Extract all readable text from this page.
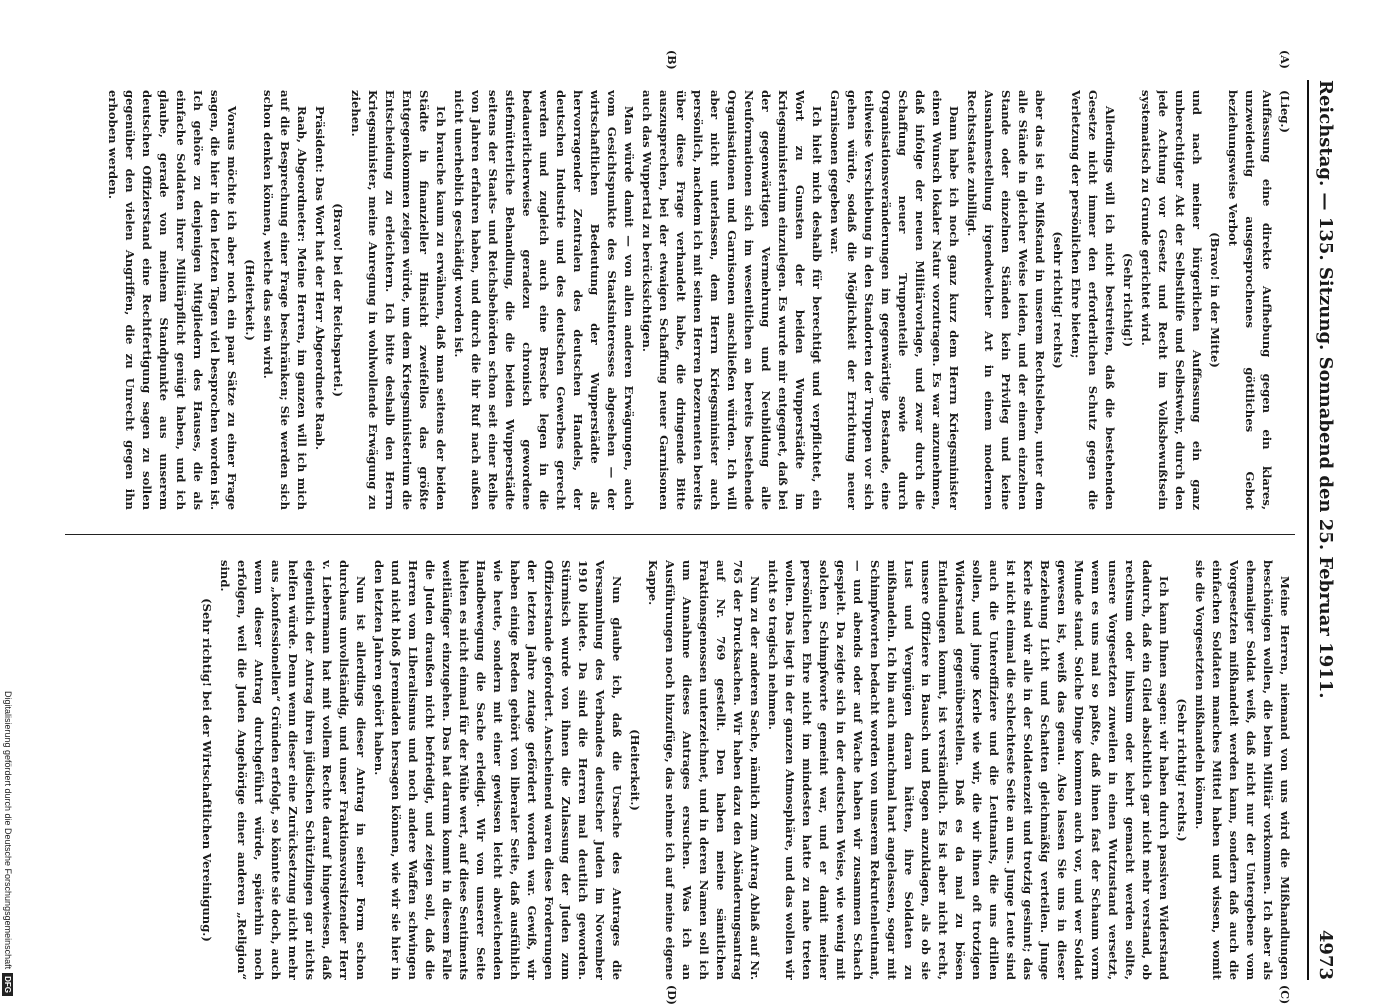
Reichstag. — 135. Sitzung. Sonnabend den 25. Februar 1911.
4973
(A)
(B)
(C)
(D)

(Lieg.)

Auffassung eine direkte Aufhebung gegen ein klares, unzweideutig ausgesprochenes göttliches Gebot beziehungsweise Verbot

(Bravo! in der Mitte)

und nach meiner bürgerlichen Auffassung ein ganz unberechtigter Akt der Selbsthilfe und Selbstwehr, durch den jede Achtung vor Gesetz und Recht im Volksbewußtsein systematisch zu Grunde gerichtet wird.

(Sehr richtig!)

Allerdings will ich nicht bestreiten, daß die bestehenden Gesetze nicht immer den erforderlichen Schutz gegen die Verletzung der persönlichen Ehre bieten;

(sehr richtig! rechts)

aber das ist ein Mißstand in unserem Rechtsleben, unter dem alle Stände in gleicher Weise leiden, und der einem einzelnen Stande oder einzelnen Ständen kein Privileg und keine Ausnahmestellung irgendwelcher Art in einem modernen Rechtsstaate zubilligt.

Dann habe ich noch ganz kurz dem Herrn Kriegsminister einen Wunsch lokaler Natur vorzutragen. Es war anzunehmen, daß infolge der neuen Militärvorlage, und zwar durch die Schaffung neuer Truppenteile sowie durch Organisationsveränderungen im gegenwärtige Bestande, eine teilweise Verschiebung in den Standorten der Truppen vor sich gehen würde, sodaß die Möglichkeit der Errichtung neuer Garnisonen gegeben war.

Ich hielt mich deshalb für berechtigt und verpflichtet, ein Wort zu Gunsten der beiden Wupperstädte im Kriegsministerium einzulegen. Es wurde mir entgegnet, daß bei der gegenwärtigen Vermehrung und Neubildung alle Neuformationen sich im wesentlichen an bereits bestehende Organisationen und Garnisonen anschließen würden. Ich will aber nicht unterlassen, dem Herrn Kriegsminister auch persönlich, nachdem ich mit seinen Herren Dezernenten bereits über diese Frage verhandelt habe, die dringende Bitte auszusprechen, bei der etwaigen Schaffung neuer Garnisonen auch das Wuppertal zu berücksichtigen.

Man würde damit — von allen anderen Erwägungen, auch vom Gesichtspunkte des Staatsinteresses abgesehen — der wirtschaftlichen Bedeutung der Wupperstädte als hervorragender Zentralen des deutschen Handels, der deutschen Industrie und des deutschen Gewerbes gerecht werden und zugleich auch eine Bresche legen in die bedauerlicherweise geradezu chronisch gewordene stiefmütterliche Behandlung, die die beiden Wupperstädte seitens der Staats- und Reichsbehörden schon seit einer Reihe von Jahren erfahren haben, und durch die ihr Ruf nach außen nicht unerheblich geschädigt worden ist.

Ich brauche kaum zu erwähnen, daß man seitens der beiden Städte in finanzieller Hinsicht zweifellos das größte Entgegenkommen zeigen würde, um dem Kriegsministerium die Entscheidung zu erleichtern. Ich bitte deshalb den Herrn Kriegsminister, meine Anregung in wohlwollende Erwägung zu ziehen.

(Bravo! bei der Reichspartei.)

Präsident: Das Wort hat der Herr Abgeordnete Raab.

Raab, Abgeordneter: Meine Herren, im ganzen will ich mich auf die Besprechung einer Frage beschränken; Sie werden sich schon denken können, welche das sein wird.

(Heiterkeit.)

Voraus möchte ich aber noch ein paar Sätze zu einer Frage sagen, die hier in den letzten Tagen viel besprochen worden ist. Ich gehöre zu denjenigen Mitgliedern des Hauses, die als einfache Soldaten ihrer Militärpflicht genügt haben, und ich glaube, gerade von meinem Standpunkte aus unserem deutschen Offizierstand eine Rechtfertigung sagen zu sollen gegenüber den vielen Angriffen, die zu Unrecht gegen ihn erhoben werden.

Meine Herren, niemand von uns wird die Mißhandlungen beschönigen wollen, die beim Militär vorkommen. Ich aber als ehemaliger Soldat weiß, daß nicht nur der Untergebene vom Vorgesetzten mißhandelt werden kann, sondern daß auch die einfachen Soldaten manches Mittel haben und wissen, womit sie die Vorgesetzten mißhandeln können.

(Sehr richtig! rechts.)

Ich kann Ihnen sagen: wir haben durch passiven Widerstand dadurch, daß ein Glied absichtlich gar nicht mehr verstand, ob rechtsum oder linksum oder kehrt gemacht werden sollte, unsere Vorgesetzten zuweilen in einen Wutzustand versetzt, wenn es uns mal so paßte, daß ihnen fast der Schaum vorm Munde stand. Solche Dinge kommen auch vor, und wer Soldat gewesen ist, weiß das genau. Also lassen Sie uns in dieser Beziehung Licht und Schatten gleichmäßig verteilen. Junge Kerle sind wir alle in der Soldatenzeit und trotzig gesinnt; das ist nicht einmal die schlechteste Seite an uns. Junge Leute sind auch die Unteroffiziere und die Leutnants, die uns drillen sollen, und junge Kerle wie wir, die wir ihnen oft trotzigen Widerstand gegenüberstellen. Daß es da mal zu bösen Entladungen kommt, ist verständlich. Es ist aber nicht recht, unsere Offiziere in Bausch und Bogen anzuklagen, als ob sie Lust und Vergnügen daran hätten, ihre Soldaten zu mißhandeln. Ich bin auch manchmal hart angelassen, sogar mit Schimpfworten bedacht worden von unserem Rekrutenleutnant, — und abends oder auf Wache haben wir zusammen Schach gespielt. Da zeigte sich in der deutschen Weise, wie wenig mit solchen Schimpfworte gemeint war, und er damit meiner persönlichen Ehre nicht im mindesten hatte zu nahe treten wollen. Das liegt in der ganzen Atmosphäre, und das wollen wir nicht so tragisch nehmen.

Nun zu der anderen Sache, nämlich zum Antrag Ablaß auf Nr. 765 der Drucksachen. Wir haben dazu den Abänderungsantrag auf Nr. 769 gestellt. Den haben meine sämtlichen Fraktionsgenossen unterzeichnet, und in deren Namen soll ich um Annahme dieses Antrages ersuchen. Was ich an Ausführungen noch hinzufüge, das nehme ich auf meine eigene Kappe.

(Heiterkeit.)

Nun glaube ich, daß die Ursache des Antrages die Versammlung des Verbandes deutscher Juden im November 1910 bildete. Da sind die Herren mal deutlich geworden. Stürmisch wurde von ihnen die Zulassung der Juden zum Offizierstande gefordert. Anscheinend waren diese Forderungen der letzten Jahre zutage gefördert worden war. Gewiß, wir haben einige Reden gehört von liberaler Seite, daß ausfühlich wie heute, sondern mit einer gewissen leicht abweichenden Handbewegung die Sache erledigt. Wir von unserer Seite hielten es nicht einmal für der Mühe wert, auf diese Sentiments weitläufiger einzugehen. Das hat darum kommt in diesem Falle die Juden draußen nicht befriedigt, und zeigen soll, daß die Herren vom Liberalismus und noch andere Waffen schwingen und nicht bloß Jeremiaden hersagen können, wie wir sie hier in den letzten Jahren gehört haben.

Nun ist allerdings dieser Antrag in seiner Form schon durchaus unvollständig, und unser Fraktionsvorsitzender Herr v. Liebermann hat mit vollem Rechte darauf hingewiesen, daß eigentlich der Antrag ihren jüdischen Schützlingen gar nichts helfen würde. Denn wenn dieser eine Zurücksetzung nicht mehr aus „konfessionellen“ Gründen erfolgt, so könnte sie doch, auch wenn dieser Antrag durchgeführt würde, späterhin noch erfolgen, weil die Juden Angehörige einer anderen „Religion“ sind.

(Sehr richtig! bei der Wirtschaftlichen Vereinigung.)

Digitalisierung gefördert durch die Deutsche ForschungsgemeinschaftDFG
